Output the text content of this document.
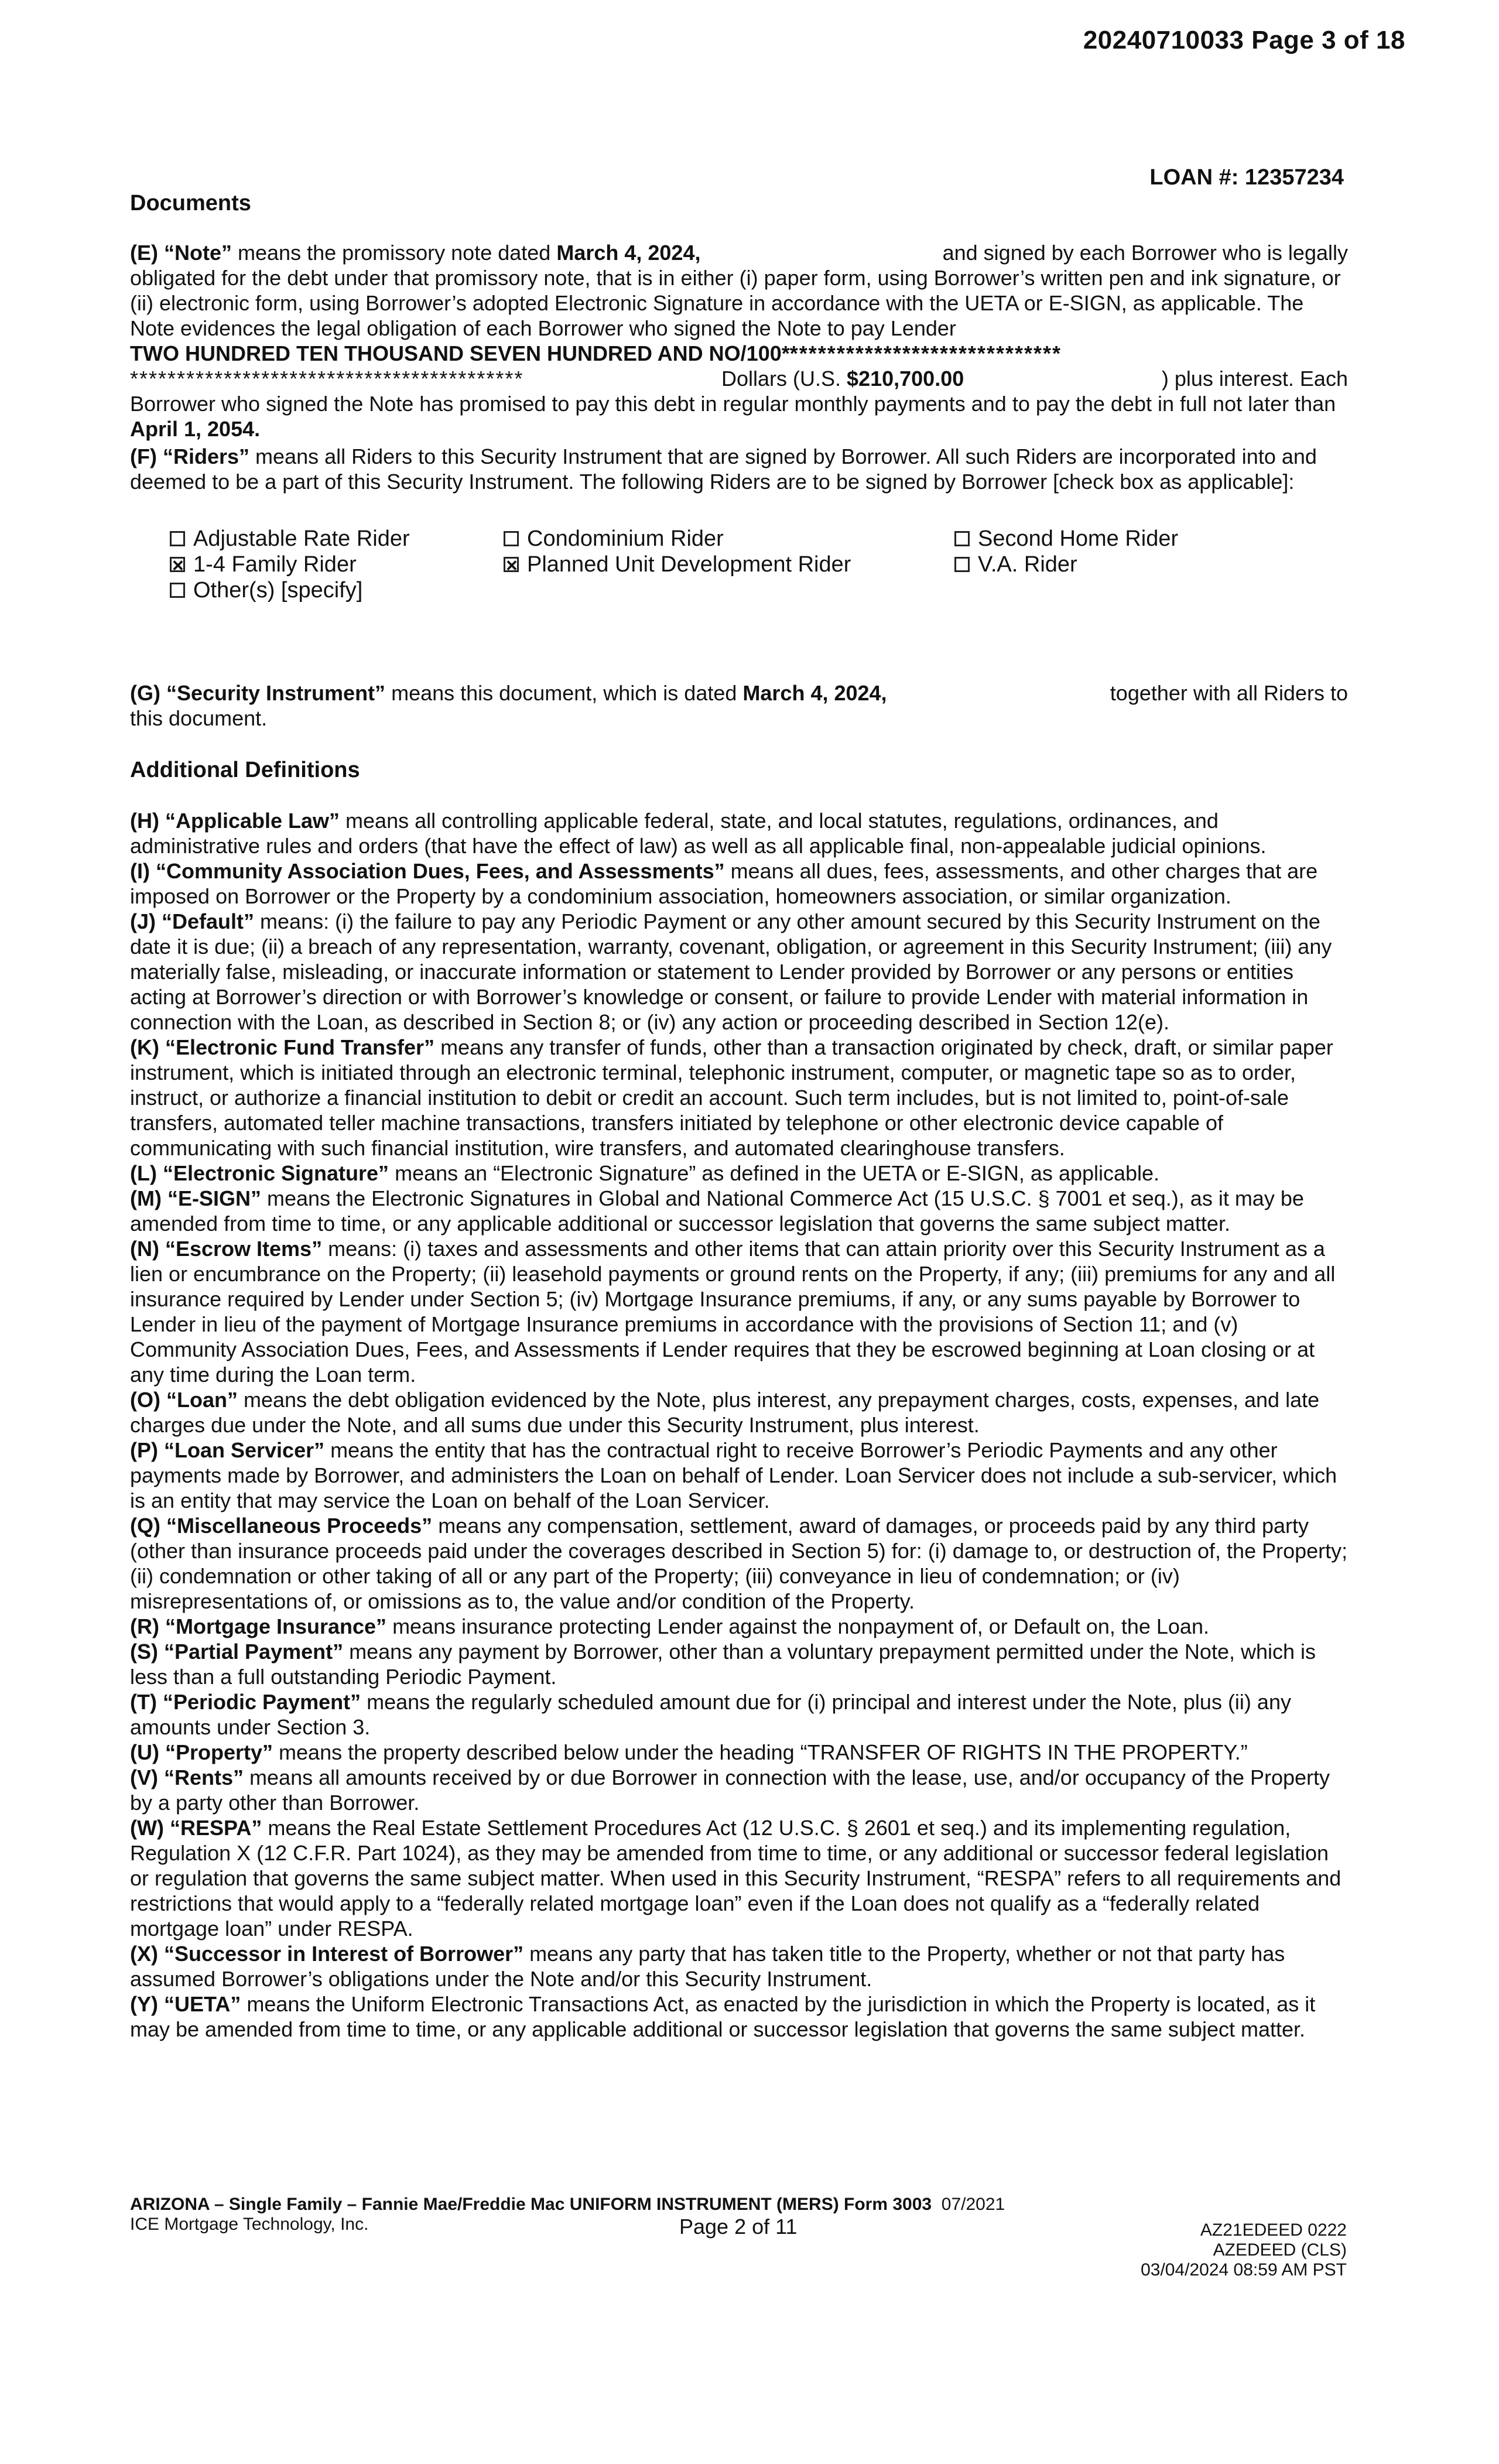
20240710033 Page 3 of 18
LOAN #: 12357234
Documents
(E) “Note” means the promissory note dated March 4, 2024,	and signed by each Borrower who is legally
obligated for the debt under that promissory note, that is in either (i) paper form, using Borrower’s written pen and ink signature, or (ii) electronic form, using Borrower’s adopted Electronic Signature in accordance with the UETA or E-SIGN, as applicable. The Note evidences the legal obligation of each Borrower who signed the Note to pay Lender
TWO HUNDRED TEN THOUSAND SEVEN HUNDRED AND NO/100******************************
******************************************	Dollars (U.S. $210,700.00	) plus interest. Each
Borrower who signed the Note has promised to pay this debt in regular monthly payments and to pay the debt in full not later than April 1, 2054.
(F) “Riders” means all Riders to this Security Instrument that are signed by Borrower. All such Riders are incorporated into and deemed to be a part of this Security Instrument. The following Riders are to be signed by Borrower [check box as applicable]:
Adjustable Rate Rider	Condominium Rider	Second Home Rider
×
1-4 Family Rider
×	Planned Unit Development Rider	V.A. Rider
Other(s) [specify]
(G) “Security Instrument” means this document, which is dated March 4, 2024,	together with all Riders to
this document.
Additional Definitions
(H) “Applicable Law” means all controlling applicable federal, state, and local statutes, regulations, ordinances, and administrative rules and orders (that have the effect of law) as well as all applicable final, non-appealable judicial opinions.
(I) “Community Association Dues, Fees, and Assessments” means all dues, fees, assessments, and other charges that are imposed on Borrower or the Property by a condominium association, homeowners association, or similar organization.
(J) “Default” means: (i) the failure to pay any Periodic Payment or any other amount secured by this Security Instrument on the date it is due; (ii) a breach of any representation, warranty, covenant, obligation, or agreement in this Security Instrument; (iii) any materially false, misleading, or inaccurate information or statement to Lender provided by Borrower or any persons or entities acting at Borrower’s direction or with Borrower’s knowledge or consent, or failure to provide Lender with material information in connection with the Loan, as described in Section 8; or (iv) any action or proceeding described in Section 12(e).
(K) “Electronic Fund Transfer” means any transfer of funds, other than a transaction originated by check, draft, or similar paper instrument, which is initiated through an electronic terminal, telephonic instrument, computer, or magnetic tape so as to order, instruct, or authorize a financial institution to debit or credit an account. Such term includes, but is not limited to, point-of-sale transfers, automated teller machine transactions, transfers initiated by telephone or other electronic device capable of communicating with such financial institution, wire transfers, and automated clearinghouse transfers.
(L) “Electronic Signature” means an “Electronic Signature” as defined in the UETA or E-SIGN, as applicable.
(M) “E-SIGN” means the Electronic Signatures in Global and National Commerce Act (15 U.S.C. § 7001 et seq.), as it may be amended from time to time, or any applicable additional or successor legislation that governs the same subject matter.
(N) “Escrow Items” means: (i) taxes and assessments and other items that can attain priority over this Security Instrument as a lien or encumbrance on the Property; (ii) leasehold payments or ground rents on the Property, if any; (iii) premiums for any and all insurance required by Lender under Section 5; (iv) Mortgage Insurance premiums, if any, or any sums payable by Borrower to Lender in lieu of the payment of Mortgage Insurance premiums in accordance with the provisions of Section 11; and (v) Community Association Dues, Fees, and Assessments if Lender requires that they be escrowed beginning at Loan closing or at any time during the Loan term.
(O) “Loan” means the debt obligation evidenced by the Note, plus interest, any prepayment charges, costs, expenses, and late charges due under the Note, and all sums due under this Security Instrument, plus interest.
(P) “Loan Servicer” means the entity that has the contractual right to receive Borrower’s Periodic Payments and any other payments made by Borrower, and administers the Loan on behalf of Lender. Loan Servicer does not include a sub-servicer, which is an entity that may service the Loan on behalf of the Loan Servicer.
(Q) “Miscellaneous Proceeds” means any compensation, settlement, award of damages, or proceeds paid by any third party (other than insurance proceeds paid under the coverages described in Section 5) for: (i) damage to, or destruction of, the Property; (ii) condemnation or other taking of all or any part of the Property; (iii) conveyance in lieu of condemnation; or (iv) misrepresentations of, or omissions as to, the value and/or condition of the Property.
(R) “Mortgage Insurance” means insurance protecting Lender against the nonpayment of, or Default on, the Loan.
(S) “Partial Payment” means any payment by Borrower, other than a voluntary prepayment permitted under the Note, which is less than a full outstanding Periodic Payment.
(T) “Periodic Payment” means the regularly scheduled amount due for (i) principal and interest under the Note, plus (ii) any amounts under Section 3.
(U) “Property” means the property described below under the heading “TRANSFER OF RIGHTS IN THE PROPERTY.”
(V) “Rents” means all amounts received by or due Borrower in connection with the lease, use, and/or occupancy of the Property by a party other than Borrower.
(W) “RESPA” means the Real Estate Settlement Procedures Act (12 U.S.C. § 2601 et seq.) and its implementing regulation, Regulation X (12 C.F.R. Part 1024), as they may be amended from time to time, or any additional or successor federal legislation or regulation that governs the same subject matter. When used in this Security Instrument, “RESPA” refers to all requirements and restrictions that would apply to a “federally related mortgage loan” even if the Loan does not qualify as a “federally related mortgage loan” under RESPA.
(X) “Successor in Interest of Borrower” means any party that has taken title to the Property, whether or not that party has assumed Borrower’s obligations under the Note and/or this Security Instrument.
(Y) “UETA” means the Uniform Electronic Transactions Act, as enacted by the jurisdiction in which the Property is located, as it may be amended from time to time, or any applicable additional or successor legislation that governs the same subject matter.
ARIZONA – Single Family – Fannie Mae/Freddie Mac UNIFORM INSTRUMENT (MERS) Form 3003 07/2021
ICE Mortgage Technology, Inc.	Page 2 of 11	AZ21EDEED 0222
AZEDEED (CLS)
03/04/2024 08:59 AM PST
